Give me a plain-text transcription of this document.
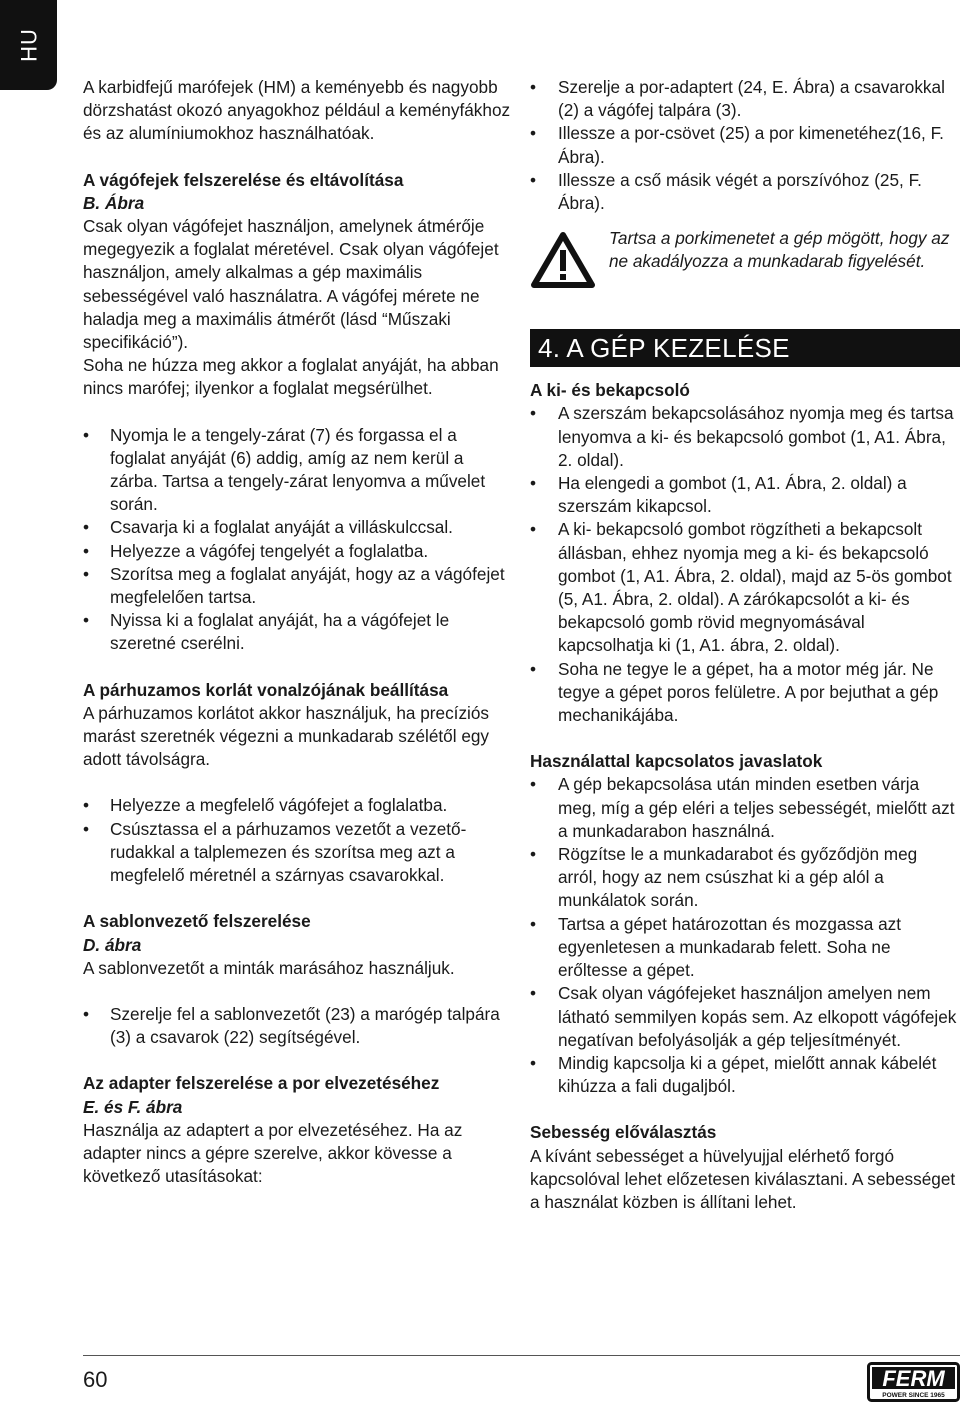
HU

A karbidfejű marófejek (HM) a keményebb és nagyobb dörzshatást okozó anyagokhoz például a keményfákhoz és az alumíniumokhoz használhatóak.

A vágófejek felszerelése és eltávolítása

B. Ábra

Csak olyan vágófejet használjon, amelynek átmérője megegyezik a foglalat méretével. Csak olyan vágófejet használjon, amely alkalmas a gép maximális sebességével való használatra. A vágófej mérete ne haladja meg a maximális átmérőt (lásd “Műszaki specifikáció”).

Soha ne húzza meg akkor a foglalat anyáját, ha abban nincs marófej; ilyenkor a foglalat megsérülhet.

• Nyomja le a tengely-zárat (7) és forgassa el a foglalat anyáját (6) addig, amíg az nem kerül a zárba. Tartsa a tengely-zárat lenyomva a művelet során.
• Csavarja ki a foglalat anyáját a villáskulccsal.
• Helyezze a vágófej tengelyét a foglalatba.
• Szorítsa meg a foglalat anyáját, hogy az a vágófejet megfelelően tartsa.
• Nyissa ki a foglalat anyáját, ha a vágófejet le szeretné cserélni.

A párhuzamos korlát vonalzójának beállítása

A párhuzamos korlátot akkor használjuk, ha precíziós marást szeretnék végezni a munkadarab szélétől egy adott távolságra.

• Helyezze a megfelelő vágófejet a foglalatba.
• Csúsztassa el a párhuzamos vezetőt a vezetőrudakkal a talplemezen és szorítsa meg azt a megfelelő méretnél a szárnyas csavarokkal.

A sablonvezető felszerelése

D. ábra

A sablonvezetőt a minták marásához használjuk.

• Szerelje fel a sablonvezetőt (23) a marógép talpára (3) a csavarok (22) segítségével.

Az adapter felszerelése a por elvezetéséhez

E. és F. ábra

Használja az adaptert a por elvezetéséhez. Ha az adapter nincs a gépre szerelve, akkor kövesse a következő utasításokat:

• Szerelje a por-adaptert (24, E. Ábra) a csavarokkal (2) a vágófej talpára (3).
• Illessze a por-csövet (25) a por kimenetéhez(16, F. Ábra).
• Illessze a cső másik végét a porszívóhoz (25, F. Ábra).

Tartsa a porkimenetet a gép mögött, hogy az ne akadályozza a munkadarab figyelését.

4. A GÉP KEZELÉSE

A ki- és bekapcsoló

• A szerszám bekapcsolásához nyomja meg és tartsa lenyomva a ki- és bekapcsoló gombot (1, A1. Ábra, 2. oldal).
• Ha elengedi a gombot (1, A1. Ábra, 2. oldal) a szerszám kikapcsol.
• A ki- bekapcsoló gombot rögzítheti a bekapcsolt állásban, ehhez nyomja meg a ki- és bekapcsoló gombot (1, A1. Ábra, 2. oldal), majd az 5-ös gombot (5, A1. Ábra, 2. oldal). A zárókapcsolót a ki- és bekapcsoló gomb rövid megnyomásával kapcsolhatja ki (1, A1. ábra, 2. oldal).
• Soha ne tegye le a gépet, ha a motor még jár. Ne tegye a gépet poros felületre. A por bejuthat a gép mechanikájába.

Használattal kapcsolatos javaslatok

• A gép bekapcsolása után minden esetben várja meg, míg a gép eléri a teljes sebességét, mielőtt azt a munkadarabon használná.
• Rögzítse le a munkadarabot és győződjön meg arról, hogy az nem csúszhat ki a gép alól a munkálatok során.
• Tartsa a gépet határozottan és mozgassa azt egyenletesen a munkadarab felett. Soha ne erőltesse a gépet.
• Csak olyan vágófejeket használjon amelyen nem látható semmilyen kopás sem. Az elkopott vágófejek negatívan befolyásolják a gép teljesítményét.
• Mindig kapcsolja ki a gépet, mielőtt annak kábelét kihúzza a fali dugaljból.

Sebesség előválasztás

A kívánt sebességet a hüvelyujjal elérhető forgó kapcsolóval lehet előzetesen kiválasztani. A sebességet a használat közben is állítani lehet.

60	FERM
POWER SINCE 1965
